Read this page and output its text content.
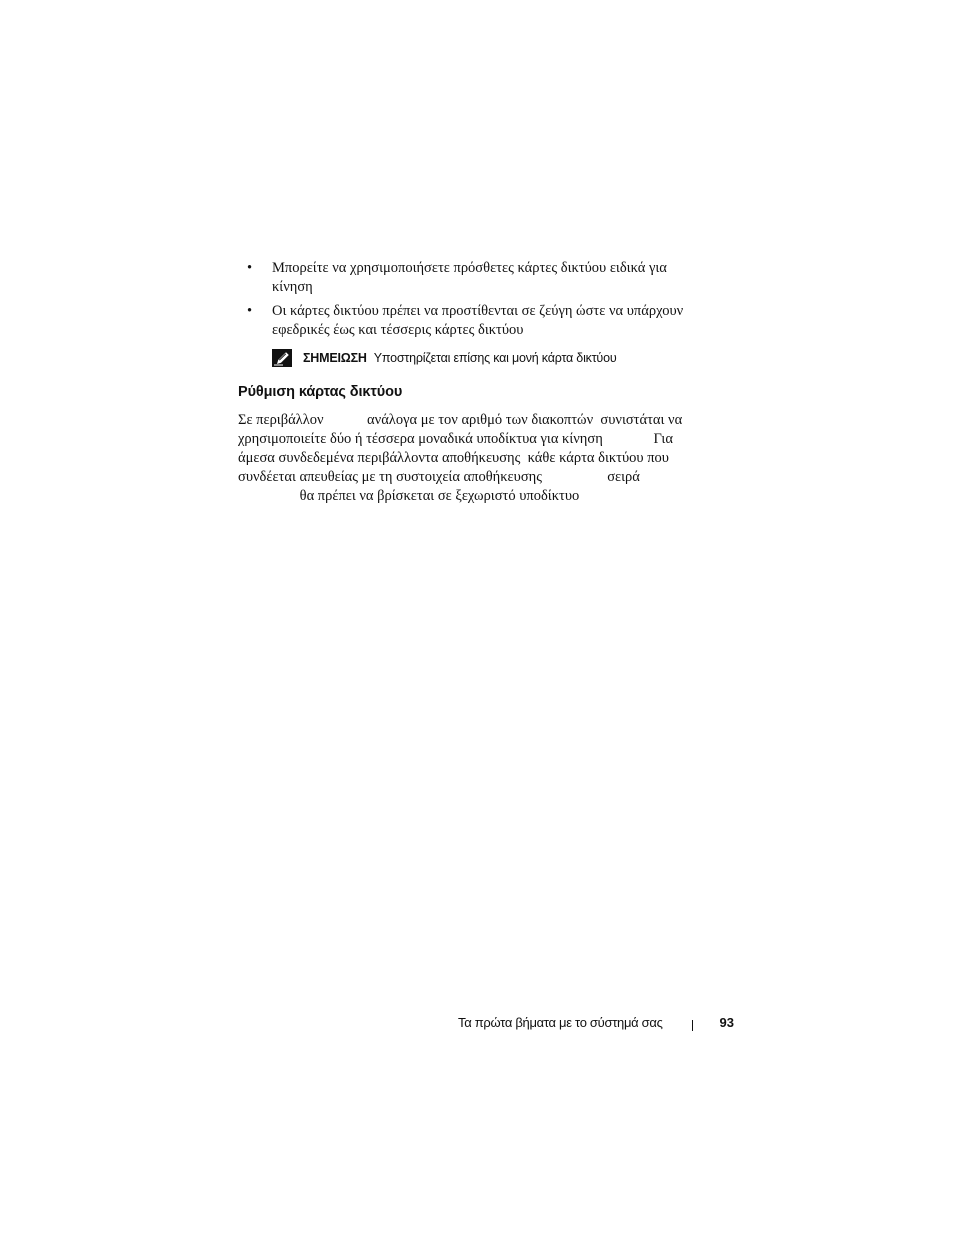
• Μπορείτε να χρησιμοποιήσετε πρόσθετες κάρτες δικτύου ειδικά για
κίνηση
• Οι κάρτες δικτύου πρέπει να προστίθενται σε ζεύγη ώστε να υπάρχουν
εφεδρικές έως και τέσσερις κάρτες δικτύου
ΣΗΜΕΙΩΣΗ Υποστηρίζεται επίσης και μονή κάρτα δικτύου
Ρύθμιση κάρτας δικτύου
Σε περιβάλλον            ανάλογα με τον αριθμό των διακοπτών  συνιστάται να
χρησιμοποιείτε δύο ή τέσσερα μοναδικά υποδίκτυα για κίνηση              Για
άμεσα συνδεδεμένα περιβάλλοντα αποθήκευσης  κάθε κάρτα δικτύου που
συνδέεται απευθείας με τη συστοιχεία αποθήκευσης                  σειρά
θα πρέπει να βρίσκεται σε ξεχωριστό υποδίκτυο
Τα πρώτα βήματα με το σύστημά σας	93
